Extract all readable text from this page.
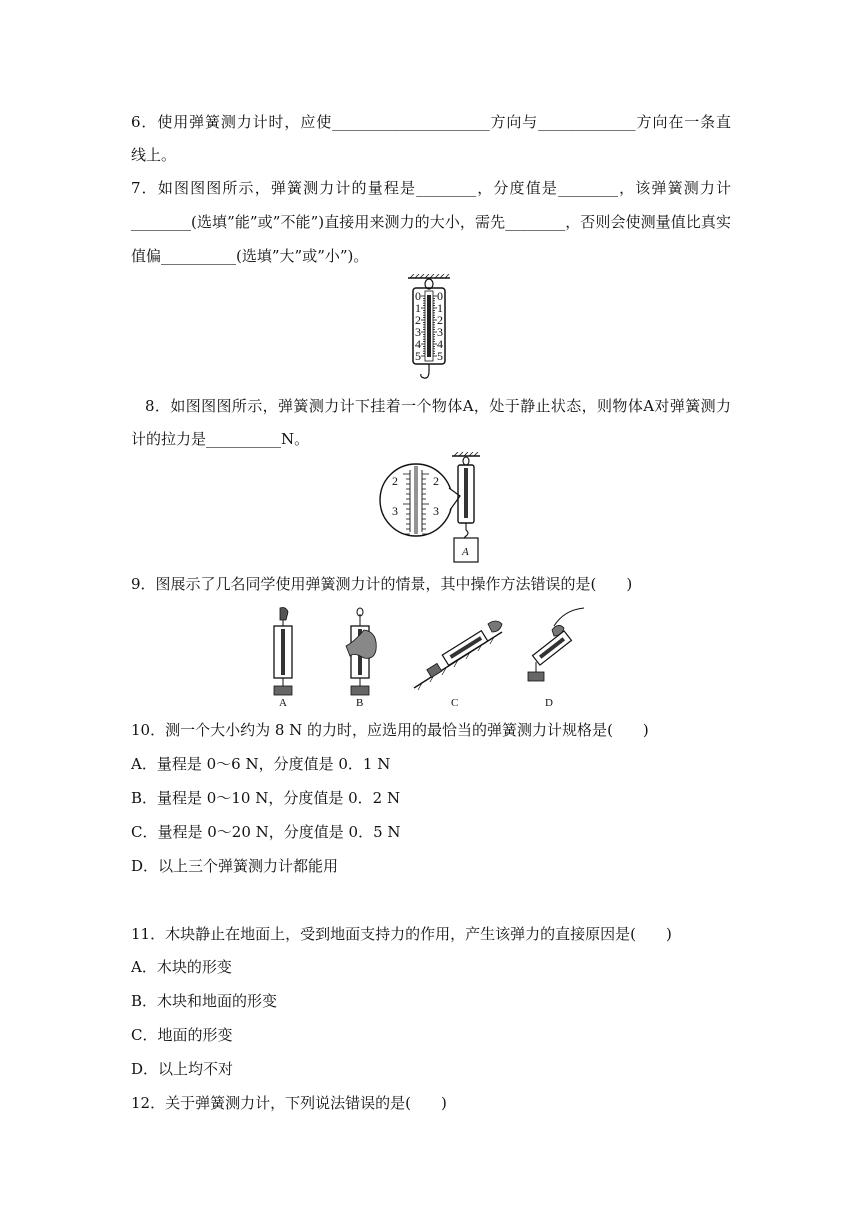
6．使用弹簧测力计时，应使_____________________方向与_____________方向在一条直
线上。
7．如图图图所示，弹簧测力计的量程是________，分度值是________，该弹簧测力计
________(选填”能”或”不能”)直接用来测力的大小，需先________，否则会使测量值比真实
值偏__________(选填”大”或”小”)。
0
1
2
3
4
5
0
1
2
3
4
5
8．如图图图所示，弹簧测力计下挂着一个物体A，处于静止状态，则物体A对弹簧测力
计的拉力是__________N。
2
3
2
3
A
9．图展示了几名同学使用弹簧测力计的情景，其中操作方法错误的是(　　)
A	B	C	D
10．测一个大小约为 8 N 的力时，应选用的最恰当的弹簧测力计规格是(　　)
A．量程是 0～6 N，分度值是 0．1 N
B．量程是 0～10 N，分度值是 0．2 N
C．量程是 0～20 N，分度值是 0．5 N
D．以上三个弹簧测力计都能用
11．木块静止在地面上，受到地面支持力的作用，产生该弹力的直接原因是(　　)
A．木块的形变
B．木块和地面的形变
C．地面的形变
D．以上均不对
12．关于弹簧测力计，下列说法错误的是(　　)
